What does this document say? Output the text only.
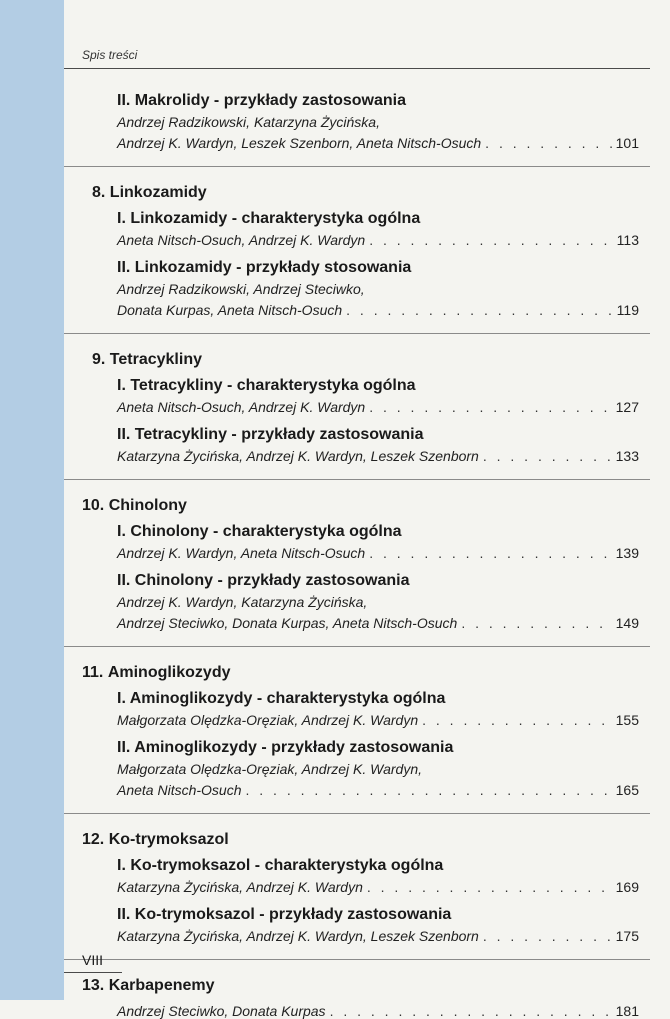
Spis treści
II. Makrolidy - przykłady zastosowania
Andrzej Radzikowski, Katarzyna Życińska,
Andrzej K. Wardyn, Leszek Szenborn, Aneta Nitsch-Osuch . . .	101
8. Linkozamidy
I. Linkozamidy - charakterystyka ogólna
Aneta Nitsch-Osuch, Andrzej K. Wardyn . . .	113
II. Linkozamidy - przykłady stosowania
Andrzej Radzikowski, Andrzej Steciwko,
Donata Kurpas, Aneta Nitsch-Osuch . . .	119
9. Tetracykliny
I. Tetracykliny - charakterystyka ogólna
Aneta Nitsch-Osuch, Andrzej K. Wardyn . . .	127
II. Tetracykliny - przykłady zastosowania
Katarzyna Życińska, Andrzej K. Wardyn, Leszek Szenborn . . .	133
10. Chinolony
I. Chinolony - charakterystyka ogólna
Andrzej K. Wardyn, Aneta Nitsch-Osuch . . .	139
II. Chinolony - przykłady zastosowania
Andrzej K. Wardyn, Katarzyna Życińska,
Andrzej Steciwko, Donata Kurpas, Aneta Nitsch-Osuch . . .	149
11. Aminoglikozydy
I. Aminoglikozydy - charakterystyka ogólna
Małgorzata Olędzka-Oręziak, Andrzej K. Wardyn . . .	155
II. Aminoglikozydy - przykłady zastosowania
Małgorzata Olędzka-Oręziak, Andrzej K. Wardyn,
Aneta Nitsch-Osuch . . .	165
12. Ko-trymoksazol
I. Ko-trymoksazol - charakterystyka ogólna
Katarzyna Życińska, Andrzej K. Wardyn . . .	169
II. Ko-trymoksazol - przykłady zastosowania
Katarzyna Życińska, Andrzej K. Wardyn, Leszek Szenborn . . .	175
13. Karbapenemy
Andrzej Steciwko, Donata Kurpas . . .	181
VIII
